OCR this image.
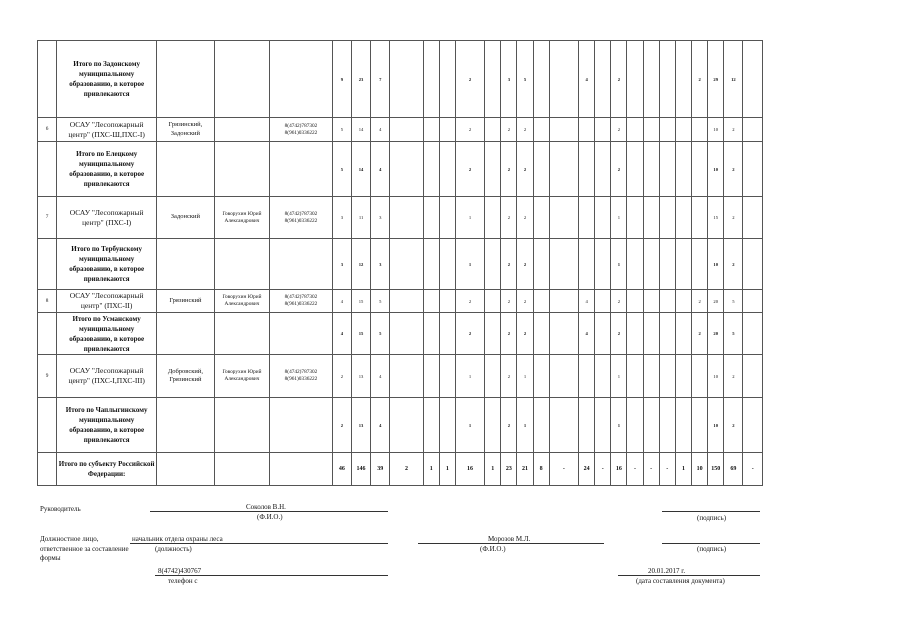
	Итого по Задонскому муниципальному образованию, в которое привлекаются				9	23	7				2		3	5			4		2					2	29	12	
6	ОСАУ "Лесопожарный центр" (ПХС-Ш,ПХС-I)	Грязинский, Задонский		8(4742)787302 8(961)0336222	5	14	4				2		2	2					2						10	2	
	Итого по Елецкому муниципальному образованию, в которое привлекаются				5	14	4				2		2	2					2						10	2	
7	ОСАУ "Лесопожарный центр" (ПХС-I)	Задонский	Говорухин Юрий Александрович	8(4742)787302 8(961)0336222	3	11	3				1		2	2					1						15	2	
	Итого по Тербунскому муниципальному образованию, в которое привлекаются				3	12	3				1		2	2					1						10	2	
8	ОСАУ "Лесопожарный центр" (ПХС-II)	Грязинский	Говорухин Юрий Александрович	8(4742)787302 8(961)0336222	4	15	5				2		2	2			4		2					2	20	5	
	Итого по Усманскому муниципальному образованию, в которое привлекаются				4	15	5				2		2	2			4		2					2	20	5	
9	ОСАУ "Лесопожарный центр" (ПХС-I,ПХС-III)	Добровский, Грязинский	Говорухин Юрий Александрович	8(4742)787302 8(961)0336222	2	13	4				1		2	1					1						10	2	
	Итого по Чаплыгинскому муниципальному образованию, в которое привлекаются				2	13	4				1		2	1					1						10	2	
	Итого по субъекту Российской Федерации:				46	146	39	2	1	1	16	1	23	21	8	-	24	-	16	-	-	-	1	10	150	69	-
Руководитель	Соколов В.Н.
(Ф.И.О.)	(подпись)
Должностное лицо, ответственное за составление формы
начальник отдела охраны леса
(должность)
Морозов М.Л.
(Ф.И.О.)	(подпись)
8(4742)430767
телефон с
20.01.2017 г.
(дата составления документа)
